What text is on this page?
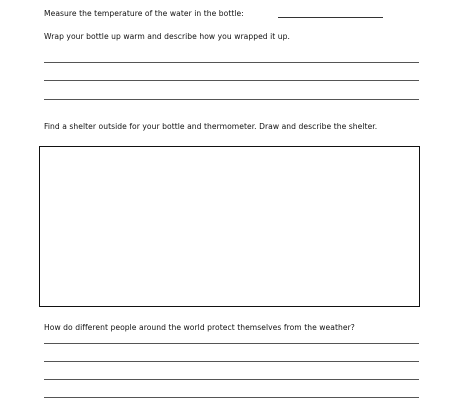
Measure the temperature of the water in the bottle:
Wrap your bottle up warm and describe how you wrapped it up.
Find a shelter outside for your bottle and thermometer. Draw and describe the shelter.
How do different people around the world protect themselves from the weather?
